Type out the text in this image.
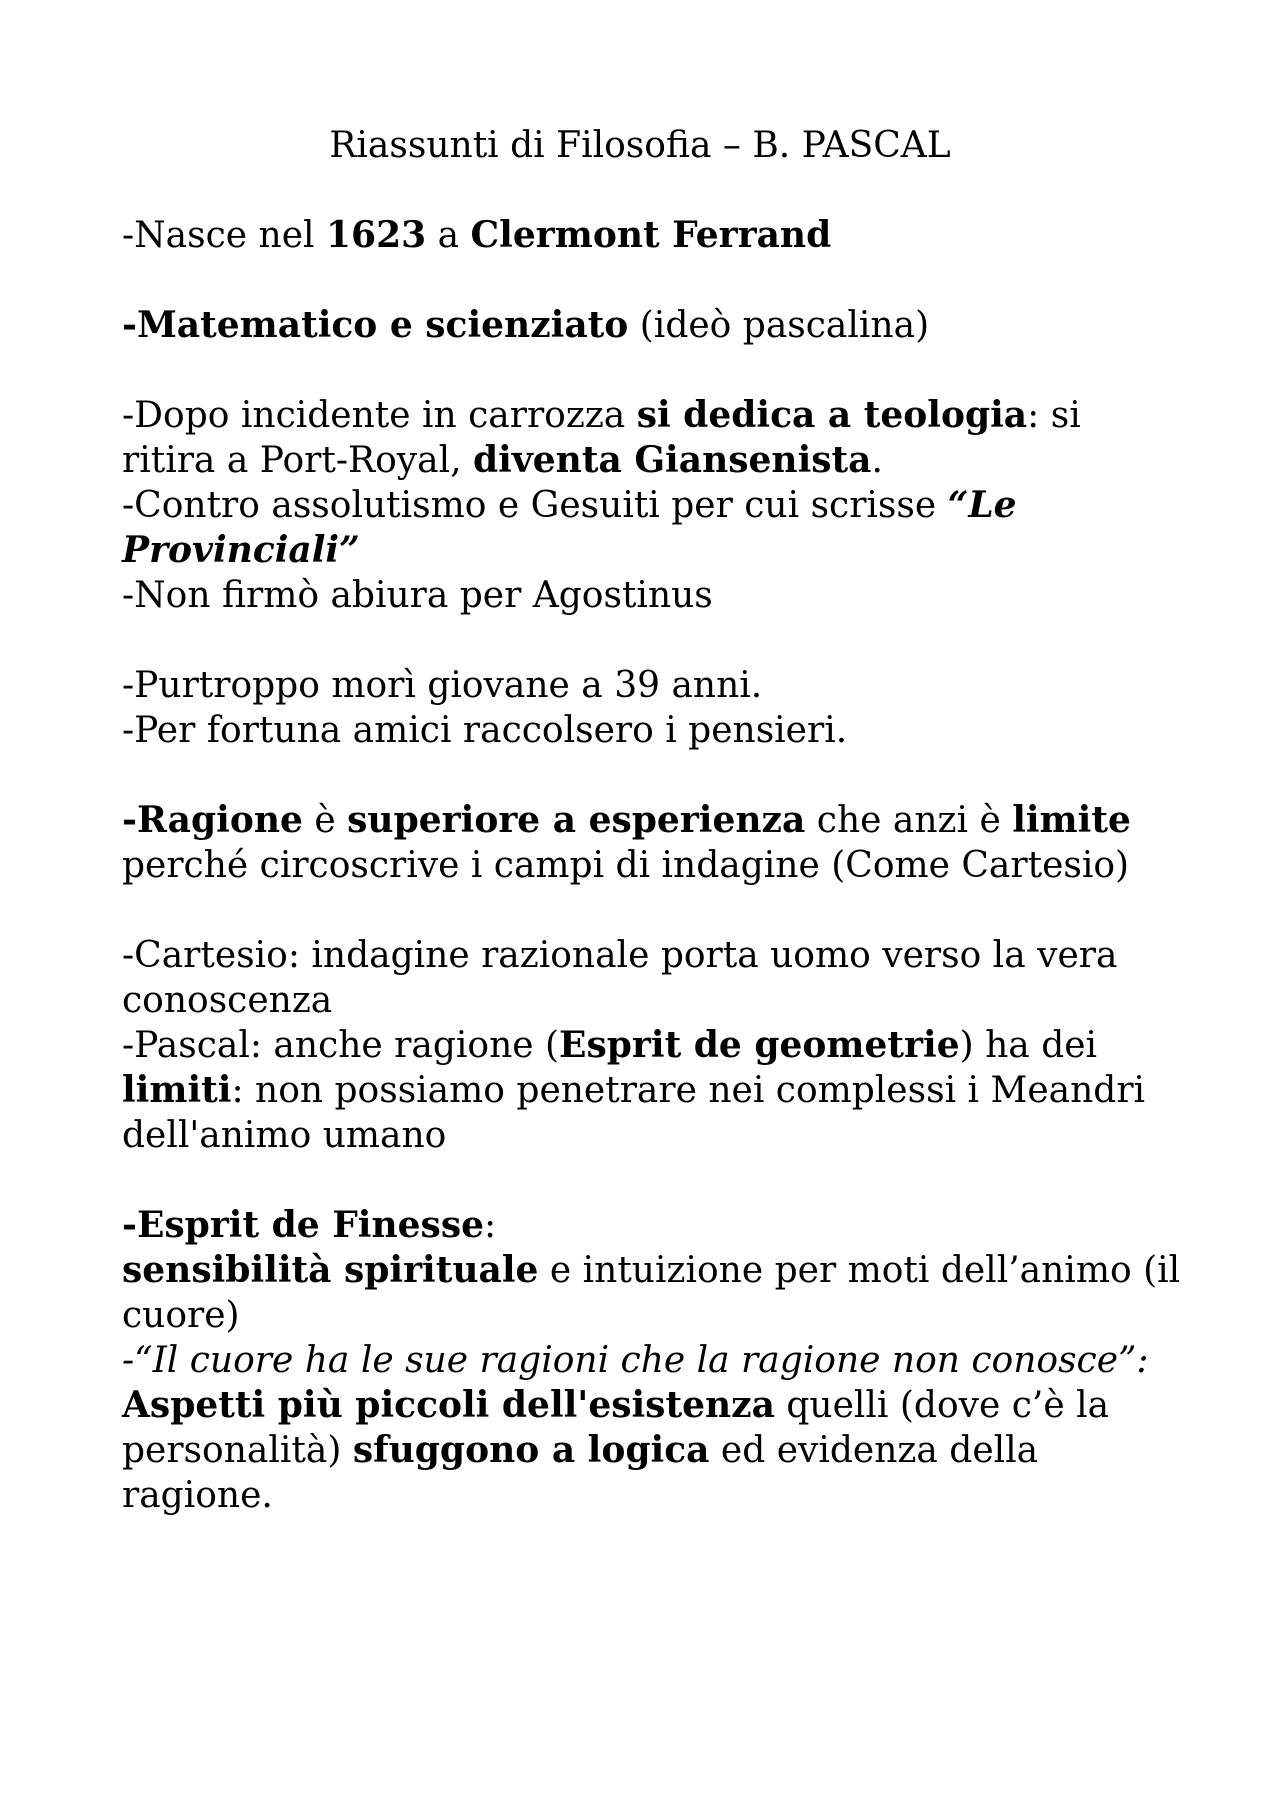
Riassunti di Filosofia – B. PASCAL

-Nasce nel 1623 a Clermont Ferrand

-Matematico e scienziato (ideò pascalina)

-Dopo incidente in carrozza si dedica a teologia: si ritira a Port-Royal, diventa Giansenista.

-Contro assolutismo e Gesuiti per cui scrisse “Le Provinciali”

-Non firmò abiura per Agostinus

-Purtroppo morì giovane a 39 anni.

-Per fortuna amici raccolsero i pensieri.

-Ragione è superiore a esperienza che anzi è limite perché circoscrive i campi di indagine (Come Cartesio)

-Cartesio: indagine razionale porta uomo verso la vera conoscenza

-Pascal: anche ragione (Esprit de geometrie) ha dei limiti: non possiamo penetrare nei complessi i Meandri dell'animo umano

-Esprit de Finesse:

sensibilità spirituale e intuizione per moti dell’animo (il cuore)

-“Il cuore ha le sue ragioni che la ragione non conosce”:

Aspetti più piccoli dell'esistenza quelli (dove c’è la personalità) sfuggono a logica ed evidenza della ragione.
